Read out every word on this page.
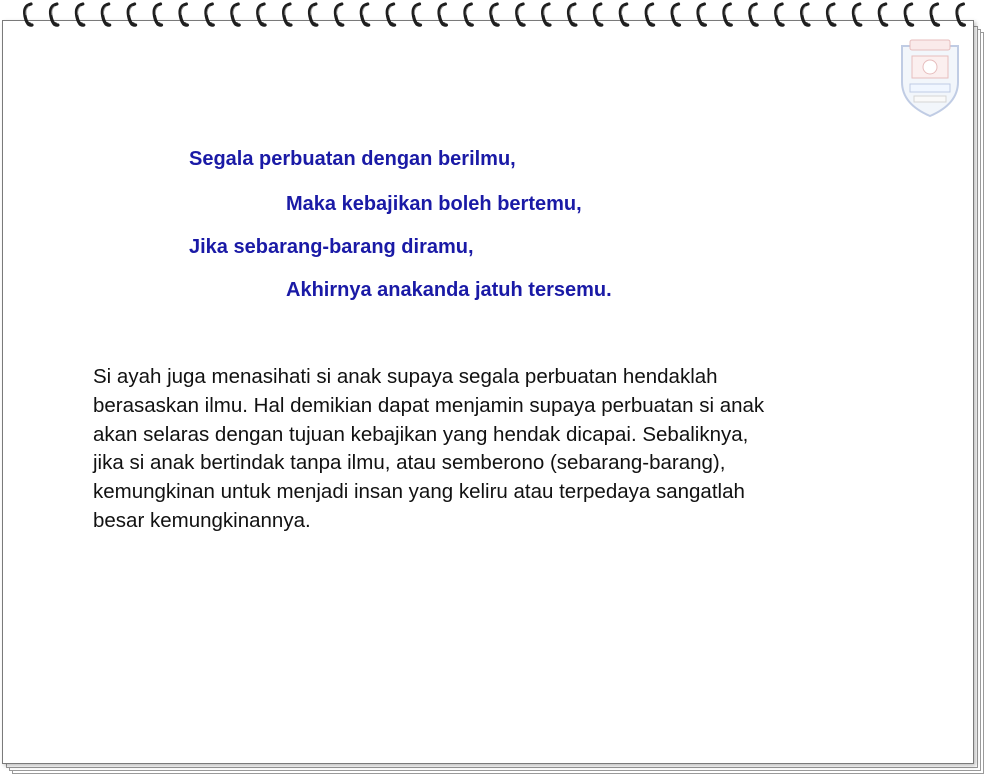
Segala perbuatan dengan berilmu,
Maka kebajikan boleh bertemu,
Jika sebarang-barang diramu,
Akhirnya anakanda jatuh tersemu.
Si ayah juga menasihati si anak supaya segala perbuatan hendaklah
berasaskan ilmu. Hal demikian dapat menjamin supaya perbuatan si anak
akan selaras dengan tujuan kebajikan yang hendak dicapai. Sebaliknya,
jika si anak bertindak tanpa ilmu, atau semberono (sebarang-barang),
kemungkinan untuk menjadi insan yang keliru atau terpedaya sangatlah
besar kemungkinannya.
